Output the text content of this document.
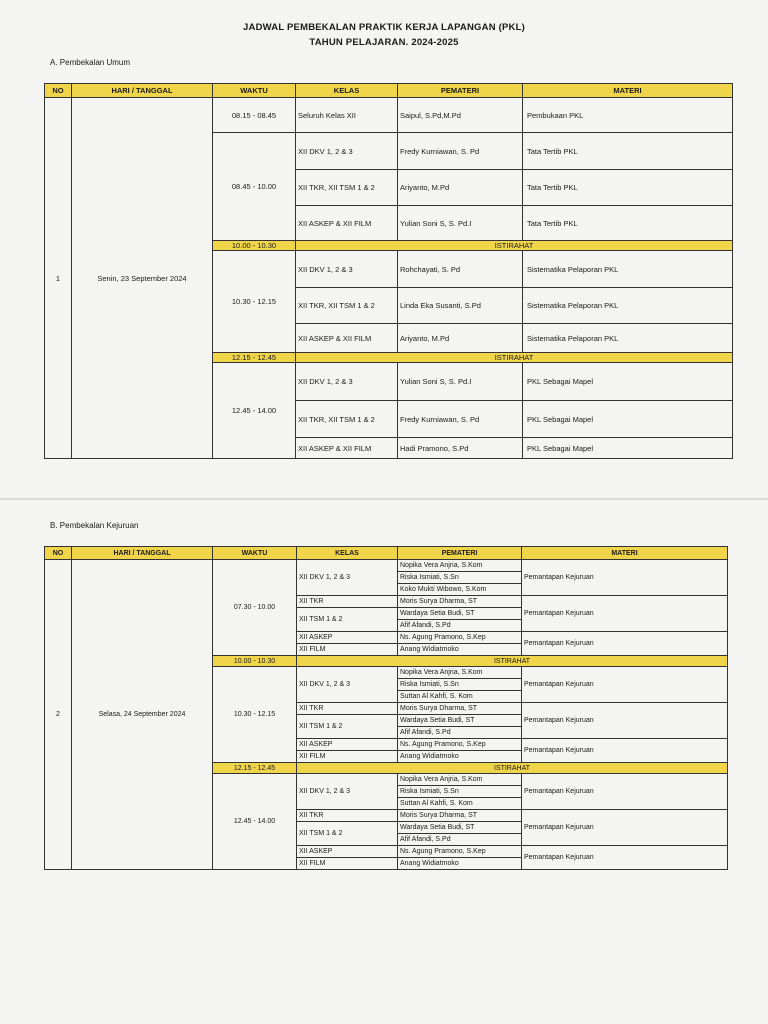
JADWAL PEMBEKALAN PRAKTIK KERJA LAPANGAN (PKL)
TAHUN PELAJARAN. 2024-2025
A. Pembekalan Umum
NO	HARI / TANGGAL	WAKTU	KELAS	PEMATERI	MATERI
1	Senin, 23 September 2024	08.15 - 08.45	Seluruh Kelas XII	Saipul, S.Pd,M.Pd	Pembukaan PKL
		08.45 - 10.00	XII DKV 1, 2 & 3	Fredy Kurniawan, S. Pd	Tata Tertib PKL
			XII TKR, XII TSM 1 & 2	Ariyanto, M.Pd	Tata Tertib PKL
			XII ASKEP & XII FILM	Yulian Soni S, S. Pd.I	Tata Tertib PKL
		10.00 - 10.30	ISTIRAHAT		
		10.30 - 12.15	XII DKV 1, 2 & 3	Rohchayati, S. Pd	Sistematika Pelaporan PKL
			XII TKR, XII TSM 1 & 2	Linda Eka Susanti, S.Pd	Sistematika Pelaporan PKL
			XII ASKEP & XII FILM	Ariyanto, M.Pd	Sistematika Pelaporan PKL
		12.15 - 12.45	ISTIRAHAT		
		12.45 - 14.00	XII DKV 1, 2 & 3	Yulian Soni S, S. Pd.I	PKL Sebagai Mapel
			XII TKR, XII TSM 1 & 2	Fredy Kurniawan, S. Pd	PKL Sebagai Mapel
			XII ASKEP & XII FILM	Hadi Pramono, S.Pd	PKL Sebagai Mapel
B. Pembekalan Kejuruan
NO	HARI / TANGGAL	WAKTU	KELAS	PEMATERI	MATERI
2	Selasa, 24 September 2024	07.30 - 10.00	XII DKV 1, 2 & 3	Nopika Vera Anjria, S.Kom	Pemantapan Kejuruan
				Riska Ismiati, S.Sn	
				Koko Mukti Wibowo, S.Kom	
			XII TKR	Moris Surya Dharma, ST	Pemantapan Kejuruan
			XII TSM 1 & 2	Wardaya Setia Budi, ST	
				Afif Afandi, S.Pd	
			XII ASKEP	Ns. Agung Pramono, S.Kep	Pemantapan Kejuruan
			XII FILM	Anang Widiatmoko	
		10.00 - 10.30	ISTIRAHAT		
		10.30 - 12.15	XII DKV 1, 2 & 3	Nopika Vera Anjria, S.Kom	Pemantapan Kejuruan
				Riska Ismiati, S.Sn	
				Suttan Al Kahfi, S. Kom	
			XII TKR	Moris Surya Dharma, ST	Pemantapan Kejuruan
			XII TSM 1 & 2	Wardaya Setia Budi, ST	
				Afif Afandi, S.Pd	
			XII ASKEP	Ns. Agung Pramono, S.Kep	Pemantapan Kejuruan
			XII FILM	Anang Widiatmoko	
		12.15 - 12.45	ISTIRAHAT		
		12.45 - 14.00	XII DKV 1, 2 & 3	Nopika Vera Anjria, S.Kom	Pemantapan Kejuruan
				Riska Ismiati, S.Sn	
				Suttan Al Kahfi, S. Kom	
			XII TKR	Moris Surya Dharma, ST	Pemantapan Kejuruan
			XII TSM 1 & 2	Wardaya Setia Budi, ST	
				Afif Afandi, S.Pd	
			XII ASKEP	Ns. Agung Pramono, S.Kep	Pemantapan Kejuruan
			XII FILM	Anang Widiatmoko	
